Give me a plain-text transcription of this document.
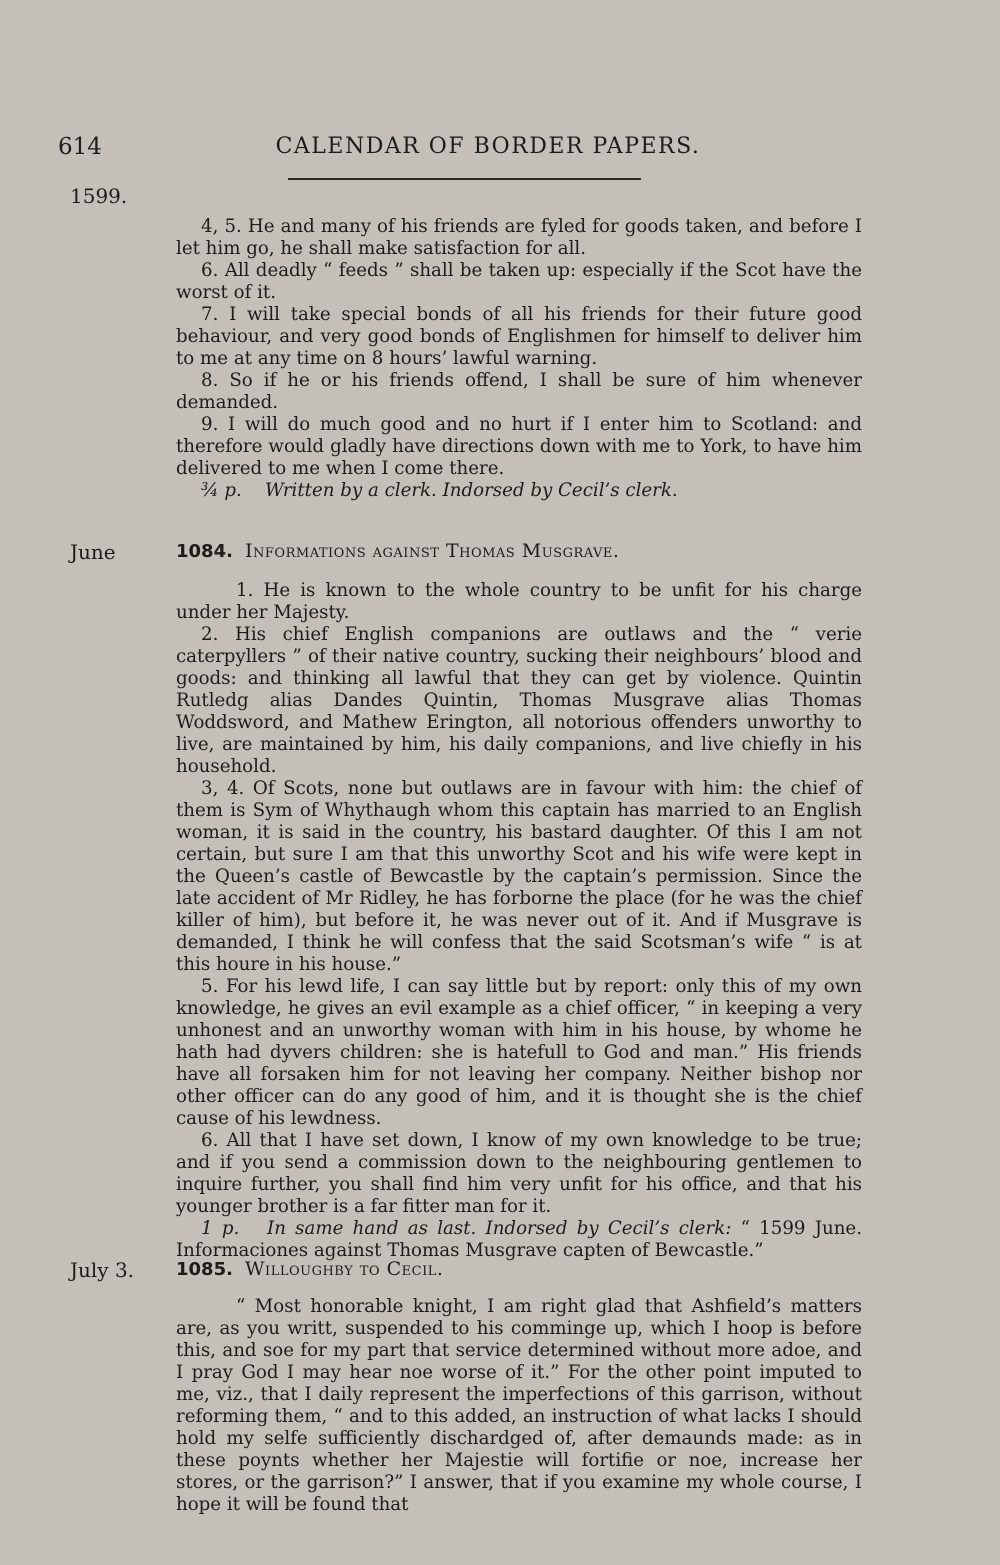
614	CALENDAR OF BORDER PAPERS.
1599.

4, 5. He and many of his friends are fyled for goods taken, and before I let him go, he shall make satisfaction for all.

6. All deadly “ feeds ” shall be taken up: especially if the Scot have the worst of it.

7. I will take special bonds of all his friends for their future good behaviour, and very good bonds of Englishmen for himself to deliver him to me at any time on 8 hours’ lawful warning.

8. So if he or his friends offend, I shall be sure of him whenever demanded.

9. I will do much good and no hurt if I enter him to Scotland: and therefore would gladly have directions down with me to York, to have him delivered to me when I come there.

¾ p. Written by a clerk. Indorsed by Cecil’s clerk.

June	1084. Informations against Thomas Musgrave.

1. He is known to the whole country to be unfit for his charge under her Majesty.

2. His chief English companions are outlaws and the “ verie caterpyllers ” of their native country, sucking their neighbours’ blood and goods: and thinking all lawful that they can get by violence. Quintin Rutledg alias Dandes Quintin, Thomas Musgrave alias Thomas Woddsword, and Mathew Erington, all notorious offenders unworthy to live, are maintained by him, his daily companions, and live chiefly in his household.

3, 4. Of Scots, none but outlaws are in favour with him: the chief of them is Sym of Whythaugh whom this captain has married to an English woman, it is said in the country, his bastard daughter. Of this I am not certain, but sure I am that this unworthy Scot and his wife were kept in the Queen’s castle of Bewcastle by the captain’s permission. Since the late accident of Mr Ridley, he has forborne the place (for he was the chief killer of him), but before it, he was never out of it. And if Musgrave is demanded, I think he will confess that the said Scotsman’s wife “ is at this houre in his house.”

5. For his lewd life, I can say little but by report: only this of my own knowledge, he gives an evil example as a chief officer, “ in keeping a very unhonest and an unworthy woman with him in his house, by whome he hath had dyvers children: she is hatefull to God and man.” His friends have all forsaken him for not leaving her company. Neither bishop nor other officer can do any good of him, and it is thought she is the chief cause of his lewdness.

6. All that I have set down, I know of my own knowledge to be true; and if you send a commission down to the neighbouring gentlemen to inquire further, you shall find him very unfit for his office, and that his younger brother is a far fitter man for it.

1 p. In same hand as last. Indorsed by Cecil’s clerk: “ 1599 June. Informaciones against Thomas Musgrave capten of Bewcastle.”

July 3. 1085. Willoughby to Cecil.

“ Most honorable knight, I am right glad that Ashfield’s matters are, as you writt, suspended to his comminge up, which I hoop is before this, and soe for my part that service determined without more adoe, and I pray God I may hear noe worse of it.” For the other point imputed to me, viz., that I daily represent the imperfections of this garrison, without reforming them, “ and to this added, an instruction of what lacks I should hold my selfe sufficiently dischardged of, after demaunds made: as in these poynts whether her Majestie will fortifie or noe, increase her stores, or the garrison?” I answer, that if you examine my whole course, I hope it will be found that
